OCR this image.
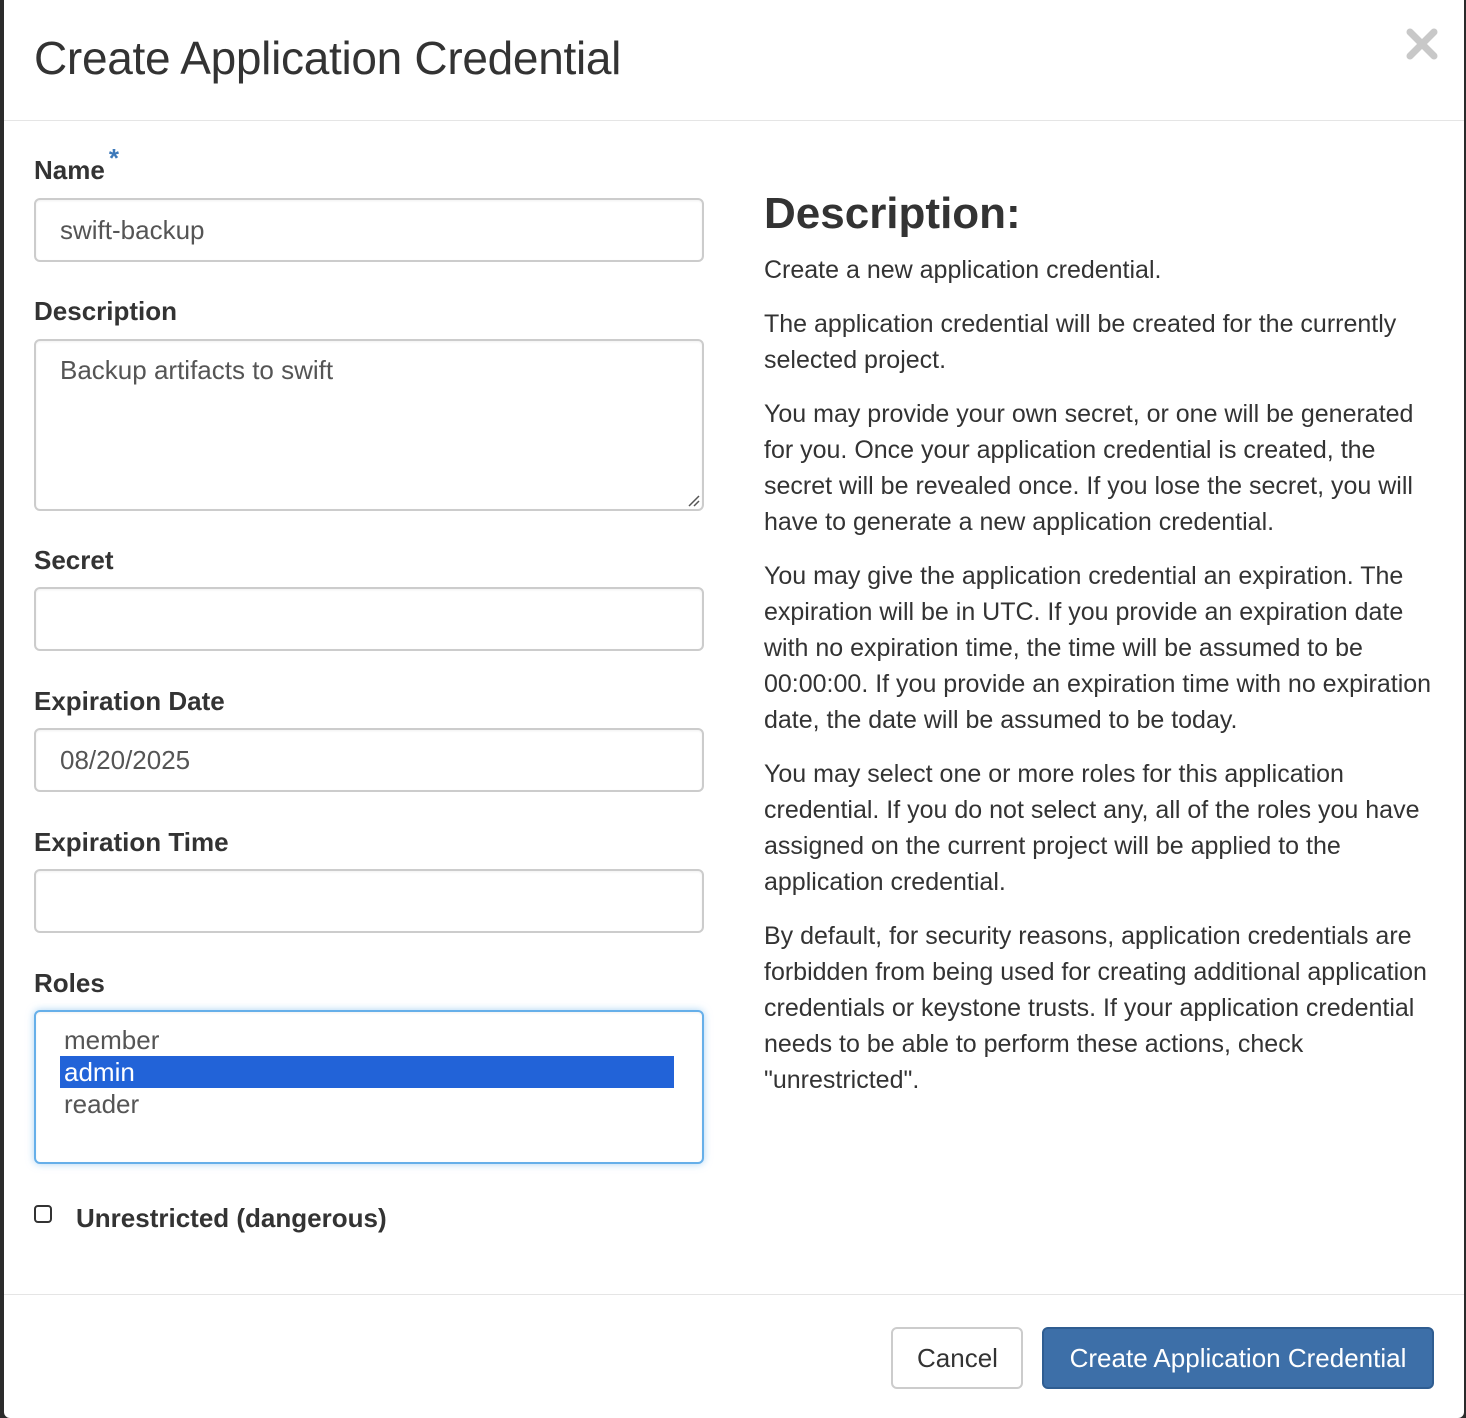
Create Application Credential
Name *
swift-backup
Description
Backup artifacts to swift
Secret
Expiration Date
08/20/2025
Expiration Time
Roles
member
admin
reader
Unrestricted (dangerous)
Description:

Create a new application credential.

The application credential will be created for the currently selected project.

You may provide your own secret, or one will be generated for you. Once your application credential is created, the secret will be revealed once. If you lose the secret, you will have to generate a new application credential.

You may give the application credential an expiration. The expiration will be in UTC. If you provide an expiration date with no expiration time, the time will be assumed to be 00:00:00. If you provide an expiration time with no expiration date, the date will be assumed to be today.

You may select one or more roles for this application credential. If you do not select any, all of the roles you have assigned on the current project will be applied to the application credential.

By default, for security reasons, application credentials are forbidden from being used for creating additional application credentials or keystone trusts. If your application credential needs to be able to perform these actions, check "unrestricted".

Cancel	Create Application Credential
